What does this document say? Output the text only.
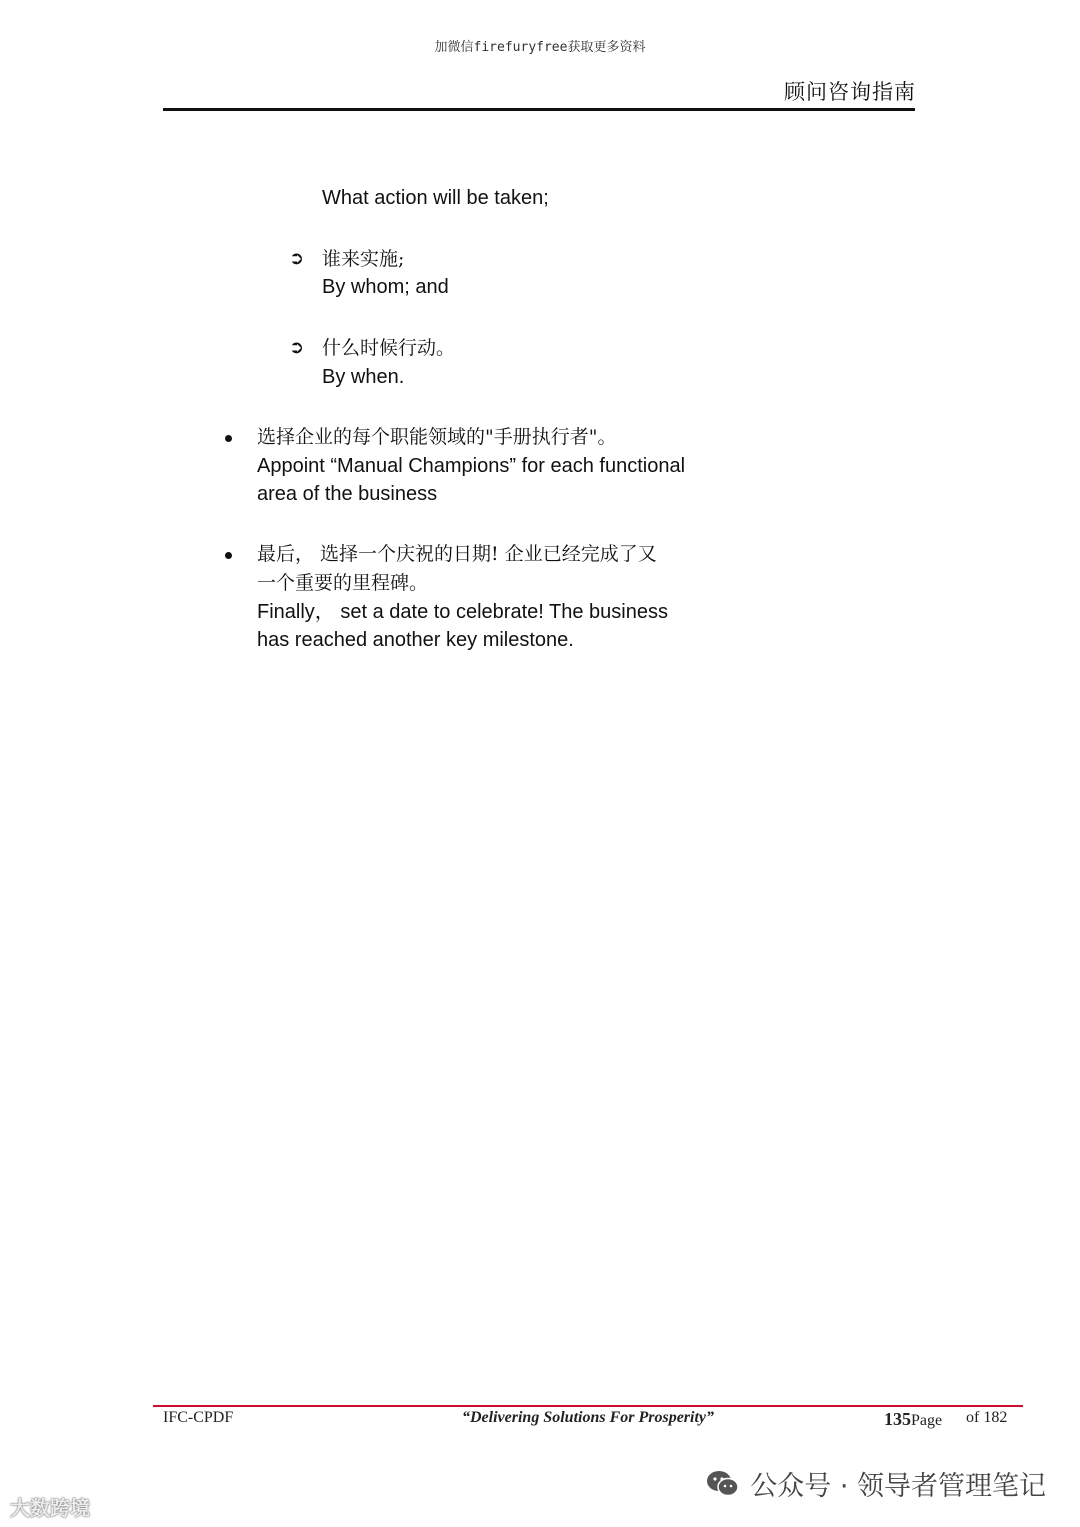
加微信firefuryfree获取更多资料
顾问咨询指南
What action will be taken;
➲ 谁来实施;
By whom; and
➲ 什么时候行动。
By when.
选择企业的每个职能领域的"手册执行者"。
Appoint “Manual Champions” for each functional
area of the business
最后， 选择一个庆祝的日期! 企业已经完成了又
一个重要的里程碑。
Finally， set a date to celebrate! The business
has reached another key milestone.
IFC-CPDF	“Delivering Solutions For Prosperity”	135Page of 182
大数跨境
公众号 · 领导者管理笔记
